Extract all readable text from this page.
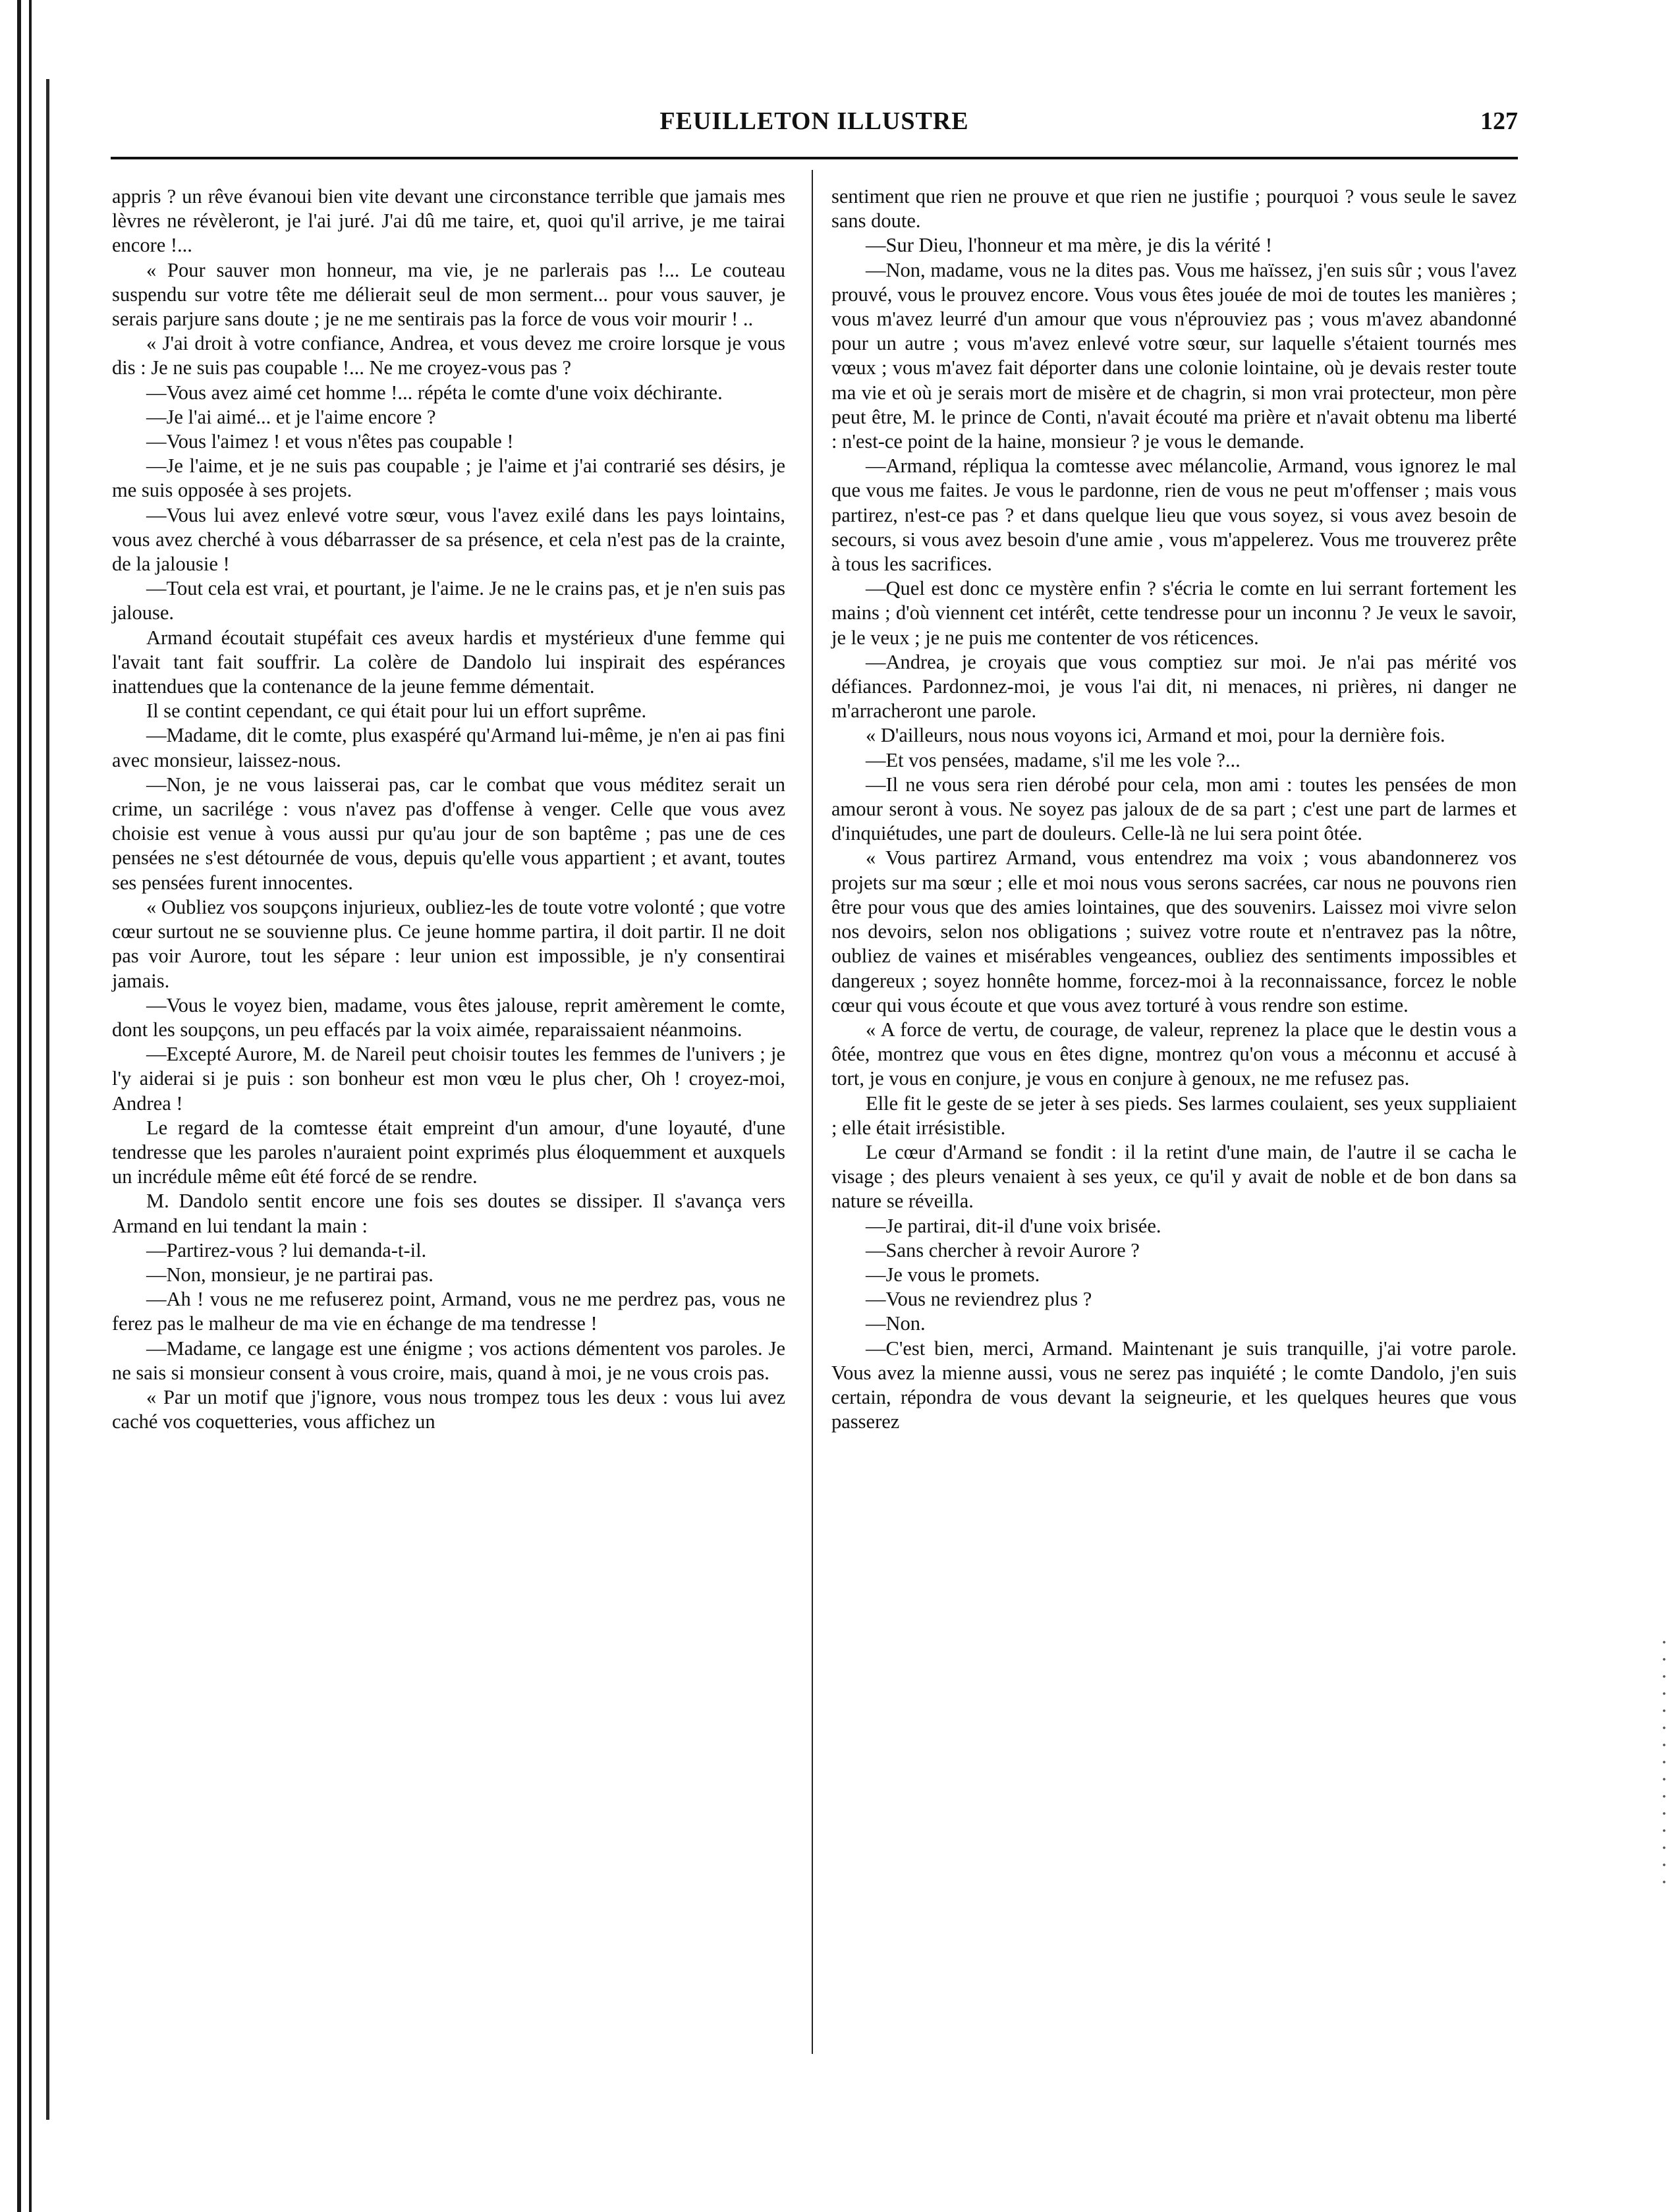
FEUILLETON ILLUSTRE	127

appris ? un rêve évanoui bien vite devant une circonstance terrible que jamais mes lèvres ne révèleront, je l'ai juré. J'ai dû me taire, et, quoi qu'il arrive, je me tairai encore !...

« Pour sauver mon honneur, ma vie, je ne parlerais pas !... Le couteau suspendu sur votre tête me délierait seul de mon serment... pour vous sauver, je serais parjure sans doute ; je ne me sentirais pas la force de vous voir mourir ! ..

« J'ai droit à votre confiance, Andrea, et vous devez me croire lorsque je vous dis : Je ne suis pas coupable !... Ne me croyez-vous pas ?

—Vous avez aimé cet homme !... répéta le comte d'une voix déchirante.

—Je l'ai aimé... et je l'aime encore ?

—Vous l'aimez ! et vous n'êtes pas coupable !

—Je l'aime, et je ne suis pas coupable ; je l'aime et j'ai contrarié ses désirs, je me suis opposée à ses projets.

—Vous lui avez enlevé votre sœur, vous l'avez exilé dans les pays lointains, vous avez cherché à vous débarrasser de sa présence, et cela n'est pas de la crainte, de la jalousie !

—Tout cela est vrai, et pourtant, je l'aime. Je ne le crains pas, et je n'en suis pas jalouse.

Armand écoutait stupéfait ces aveux hardis et mystérieux d'une femme qui l'avait tant fait souffrir. La colère de Dandolo lui inspirait des espérances inattendues que la contenance de la jeune femme démentait.

Il se contint cependant, ce qui était pour lui un effort suprême.

—Madame, dit le comte, plus exaspéré qu'Armand lui-même, je n'en ai pas fini avec monsieur, laissez-nous.

—Non, je ne vous laisserai pas, car le combat que vous méditez serait un crime, un sacrilége : vous n'avez pas d'offense à venger. Celle que vous avez choisie est venue à vous aussi pur qu'au jour de son baptême ; pas une de ces pensées ne s'est détournée de vous, depuis qu'elle vous appartient ; et avant, toutes ses pensées furent innocentes.

« Oubliez vos soupçons injurieux, oubliez-les de toute votre volonté ; que votre cœur surtout ne se souvienne plus. Ce jeune homme partira, il doit partir. Il ne doit pas voir Aurore, tout les sépare : leur union est impossible, je n'y consentirai jamais.

—Vous le voyez bien, madame, vous êtes jalouse, reprit amèrement le comte, dont les soupçons, un peu effacés par la voix aimée, reparaissaient néanmoins.

—Excepté Aurore, M. de Nareil peut choisir toutes les femmes de l'univers ; je l'y aiderai si je puis : son bonheur est mon vœu le plus cher, Oh ! croyez-moi, Andrea !

Le regard de la comtesse était empreint d'un amour, d'une loyauté, d'une tendresse que les paroles n'auraient point exprimés plus éloquemment et auxquels un incrédule même eût été forcé de se rendre.

M. Dandolo sentit encore une fois ses doutes se dissiper. Il s'avança vers Armand en lui tendant la main :

—Partirez-vous ? lui demanda-t-il.

—Non, monsieur, je ne partirai pas.

—Ah ! vous ne me refuserez point, Armand, vous ne me perdrez pas, vous ne ferez pas le malheur de ma vie en échange de ma tendresse !

—Madame, ce langage est une énigme ; vos actions démentent vos paroles. Je ne sais si monsieur consent à vous croire, mais, quand à moi, je ne vous crois pas.

« Par un motif que j'ignore, vous nous trompez tous les deux : vous lui avez caché vos coquetteries, vous affichez un

sentiment que rien ne prouve et que rien ne justifie ; pourquoi ? vous seule le savez sans doute.

—Sur Dieu, l'honneur et ma mère, je dis la vérité !

—Non, madame, vous ne la dites pas. Vous me haïssez, j'en suis sûr ; vous l'avez prouvé, vous le prouvez encore. Vous vous êtes jouée de moi de toutes les manières ; vous m'avez leurré d'un amour que vous n'éprouviez pas ; vous m'avez abandonné pour un autre ; vous m'avez enlevé votre sœur, sur laquelle s'étaient tournés mes vœux ; vous m'avez fait déporter dans une colonie lointaine, où je devais rester toute ma vie et où je serais mort de misère et de chagrin, si mon vrai protecteur, mon père peut être, M. le prince de Conti, n'avait écouté ma prière et n'avait obtenu ma liberté : n'est-ce point de la haine, monsieur ? je vous le demande.

—Armand, répliqua la comtesse avec mélancolie, Armand, vous ignorez le mal que vous me faites. Je vous le pardonne, rien de vous ne peut m'offenser ; mais vous partirez, n'est-ce pas ? et dans quelque lieu que vous soyez, si vous avez besoin de secours, si vous avez besoin d'une amie , vous m'appelerez. Vous me trouverez prête à tous les sacrifices.

—Quel est donc ce mystère enfin ? s'écria le comte en lui serrant fortement les mains ; d'où viennent cet intérêt, cette tendresse pour un inconnu ? Je veux le savoir, je le veux ; je ne puis me contenter de vos réticences.

—Andrea, je croyais que vous comptiez sur moi. Je n'ai pas mérité vos défiances. Pardonnez-moi, je vous l'ai dit, ni menaces, ni prières, ni danger ne m'arracheront une parole.

« D'ailleurs, nous nous voyons ici, Armand et moi, pour la dernière fois.

—Et vos pensées, madame, s'il me les vole ?...

—Il ne vous sera rien dérobé pour cela, mon ami : toutes les pensées de mon amour seront à vous. Ne soyez pas jaloux de de sa part ; c'est une part de larmes et d'inquiétudes, une part de douleurs. Celle-là ne lui sera point ôtée.

« Vous partirez Armand, vous entendrez ma voix ; vous abandonnerez vos projets sur ma sœur ; elle et moi nous vous serons sacrées, car nous ne pouvons rien être pour vous que des amies lointaines, que des souvenirs. Laissez moi vivre selon nos devoirs, selon nos obligations ; suivez votre route et n'entravez pas la nôtre, oubliez de vaines et misérables vengeances, oubliez des sentiments impossibles et dangereux ; soyez honnête homme, forcez-moi à la reconnaissance, forcez le noble cœur qui vous écoute et que vous avez torturé à vous rendre son estime.

« A force de vertu, de courage, de valeur, reprenez la place que le destin vous a ôtée, montrez que vous en êtes digne, montrez qu'on vous a méconnu et accusé à tort, je vous en conjure, je vous en conjure à genoux, ne me refusez pas.

Elle fit le geste de se jeter à ses pieds. Ses larmes coulaient, ses yeux suppliaient ; elle était irrésistible.

Le cœur d'Armand se fondit : il la retint d'une main, de l'autre il se cacha le visage ; des pleurs venaient à ses yeux, ce qu'il y avait de noble et de bon dans sa nature se réveilla.

—Je partirai, dit-il d'une voix brisée.

—Sans chercher à revoir Aurore ?

—Je vous le promets.

—Vous ne reviendrez plus ?

—Non.

—C'est bien, merci, Armand. Maintenant je suis tranquille, j'ai votre parole. Vous avez la mienne aussi, vous ne serez pas inquiété ; le comte Dandolo, j'en suis certain, répondra de vous devant la seigneurie, et les quelques heures que vous passerez
